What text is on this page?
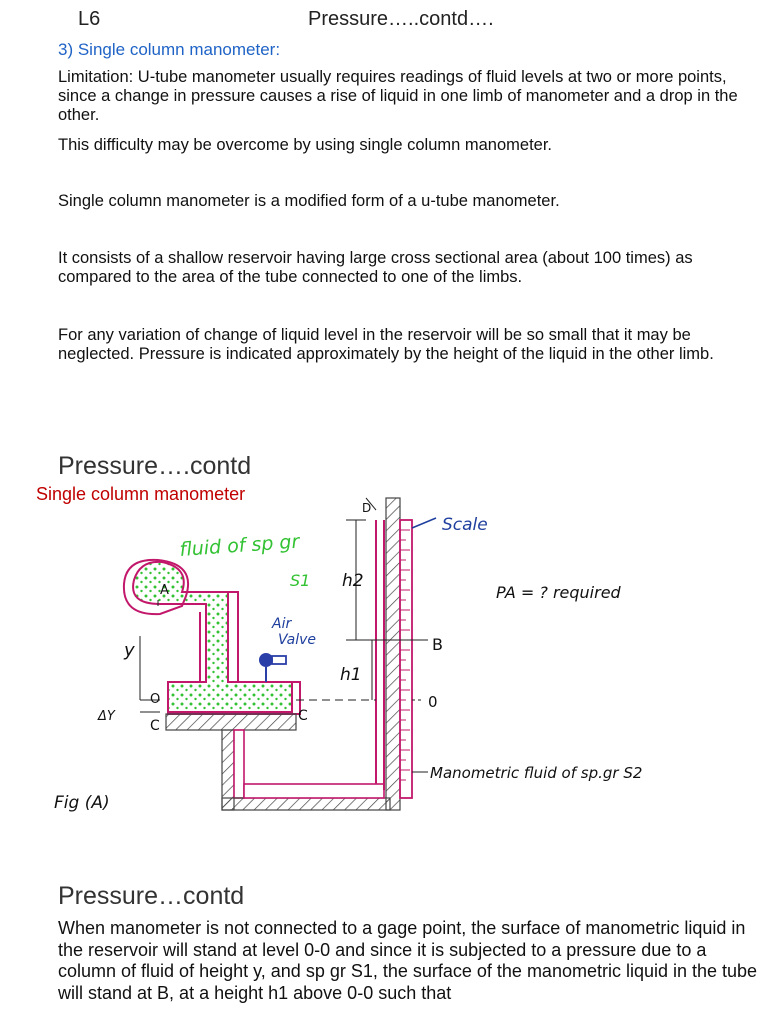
L6	Pressure…..contd….
3) Single column manometer:
Limitation: U-tube manometer usually requires readings of fluid levels at two or more points, since a change in pressure causes a rise of liquid in one limb of manometer and a drop in the other.
This difficulty may be overcome by using single column manometer.
Single column manometer is a modified form of a u-tube manometer.
It consists of a shallow reservoir having large cross sectional area (about 100 times) as compared to the area of the tube connected to one of the limbs.
For any variation of change of liquid level in the reservoir will be so small that it may be neglected. Pressure is indicated approximately by the height of the liquid in the other limb.
Pressure….contd
Single column manometer
fluid of sp gr
S1
Scale
PA = ? required
Air
Valve
h2
h1
B
0
y
ΔY
O
C
C
A
D
Manometric fluid of sp.gr S2
Fig (A)
Pressure…contd
When manometer is not connected to a gage point, the surface of manometric liquid in the reservoir will stand at level 0-0 and since it is subjected to a pressure due to a column of fluid of height y, and sp gr S1, the surface of the manometric liquid in the tube will stand at B, at a height h1 above 0-0 such that
